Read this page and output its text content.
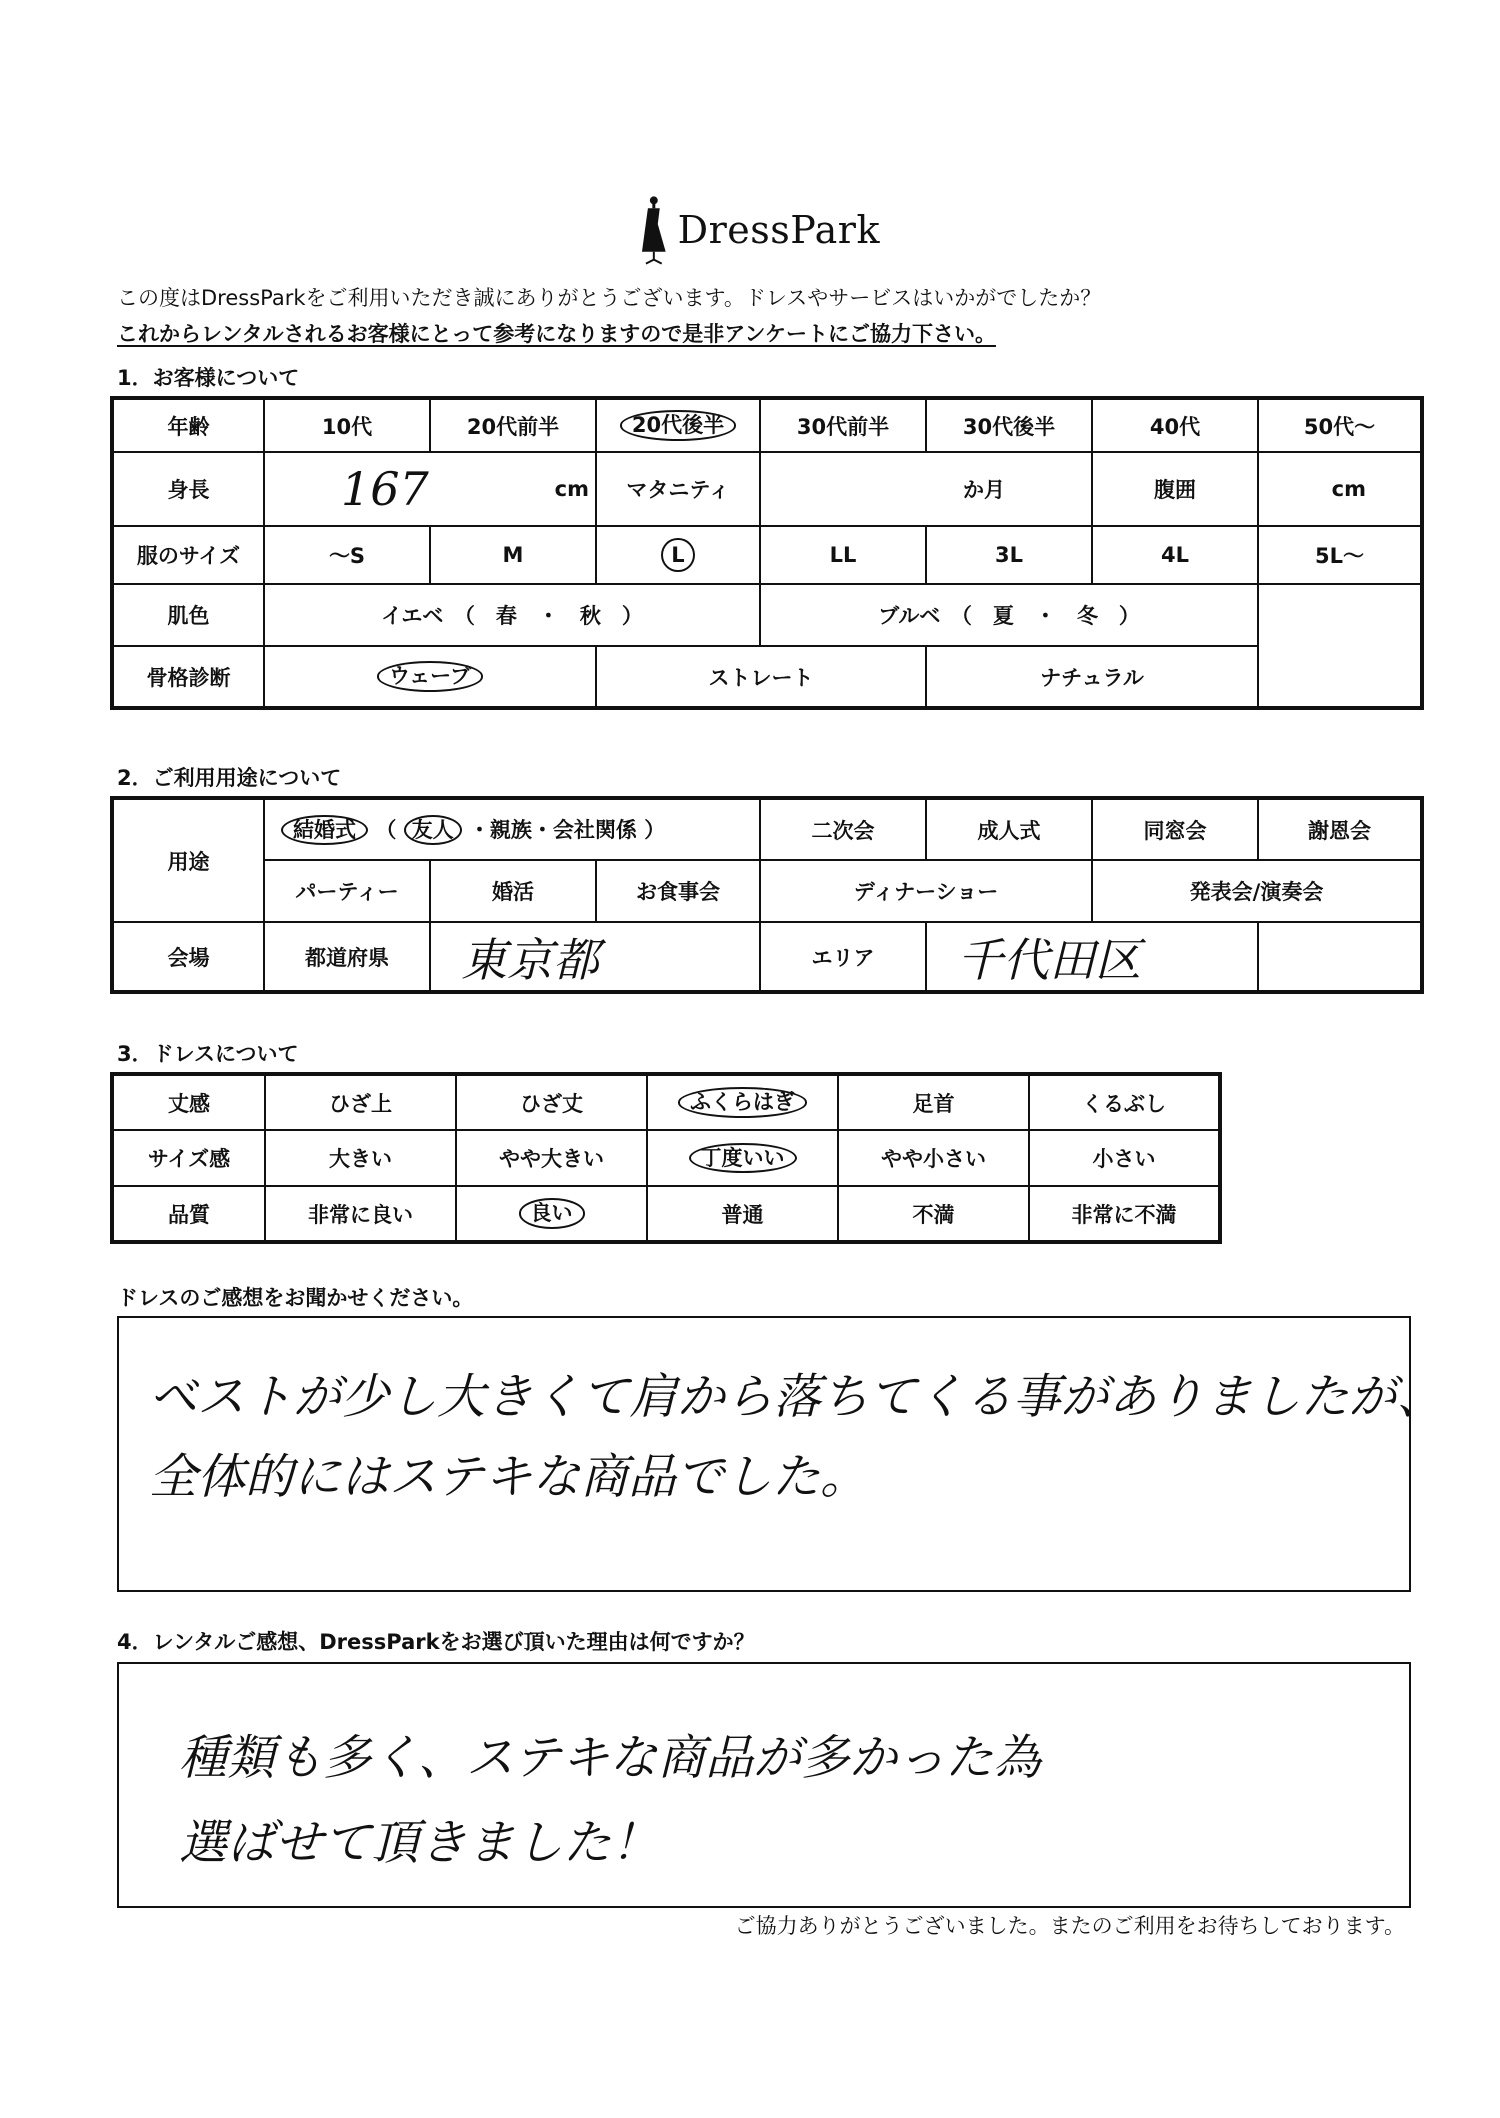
DressPark
この度はDressParkをご利用いただき誠にありがとうございます。ドレスやサービスはいかがでしたか？
これからレンタルされるお客様にとって参考になりますので是非アンケートにご協力下さい。
1．お客様について
年齢	10代	20代前半	20代後半	30代前半	30代後半	40代	50代～
身長	167 cm		マタニティ	か月		腹囲	cm
服のサイズ	～S	M	L	LL	3L	4L	5L～
肌色	イエベ　（　春　・　秋　）			ブルベ　（　夏　・　冬　）			
骨格診断	ウェーブ		ストレート		ナチュラル		
2．ご利用用途について
用途	結婚式 （ 友人 ・親族・会社関係 ）			二次会	成人式	同窓会	謝恩会
	パーティー	婚活	お食事会	ディナーショー		発表会/演奏会	
会場	都道府県	東京都		エリア	千代田区		
3．ドレスについて
丈感	ひざ上	ひざ丈	ふくらはぎ	足首	くるぶし
サイズ感	大きい	やや大きい	丁度いい	やや小さい	小さい
品質	非常に良い	良い	普通	不満	非常に不満
ドレスのご感想をお聞かせください。
ベストが少し大きくて肩から落ちてくる事がありましたが、
全体的にはステキな商品でした。
4．レンタルご感想、DressParkをお選び頂いた理由は何ですか？
種類も多く、ステキな商品が多かった為
選ばせて頂きました！
ご協力ありがとうございました。またのご利用をお待ちしております。
